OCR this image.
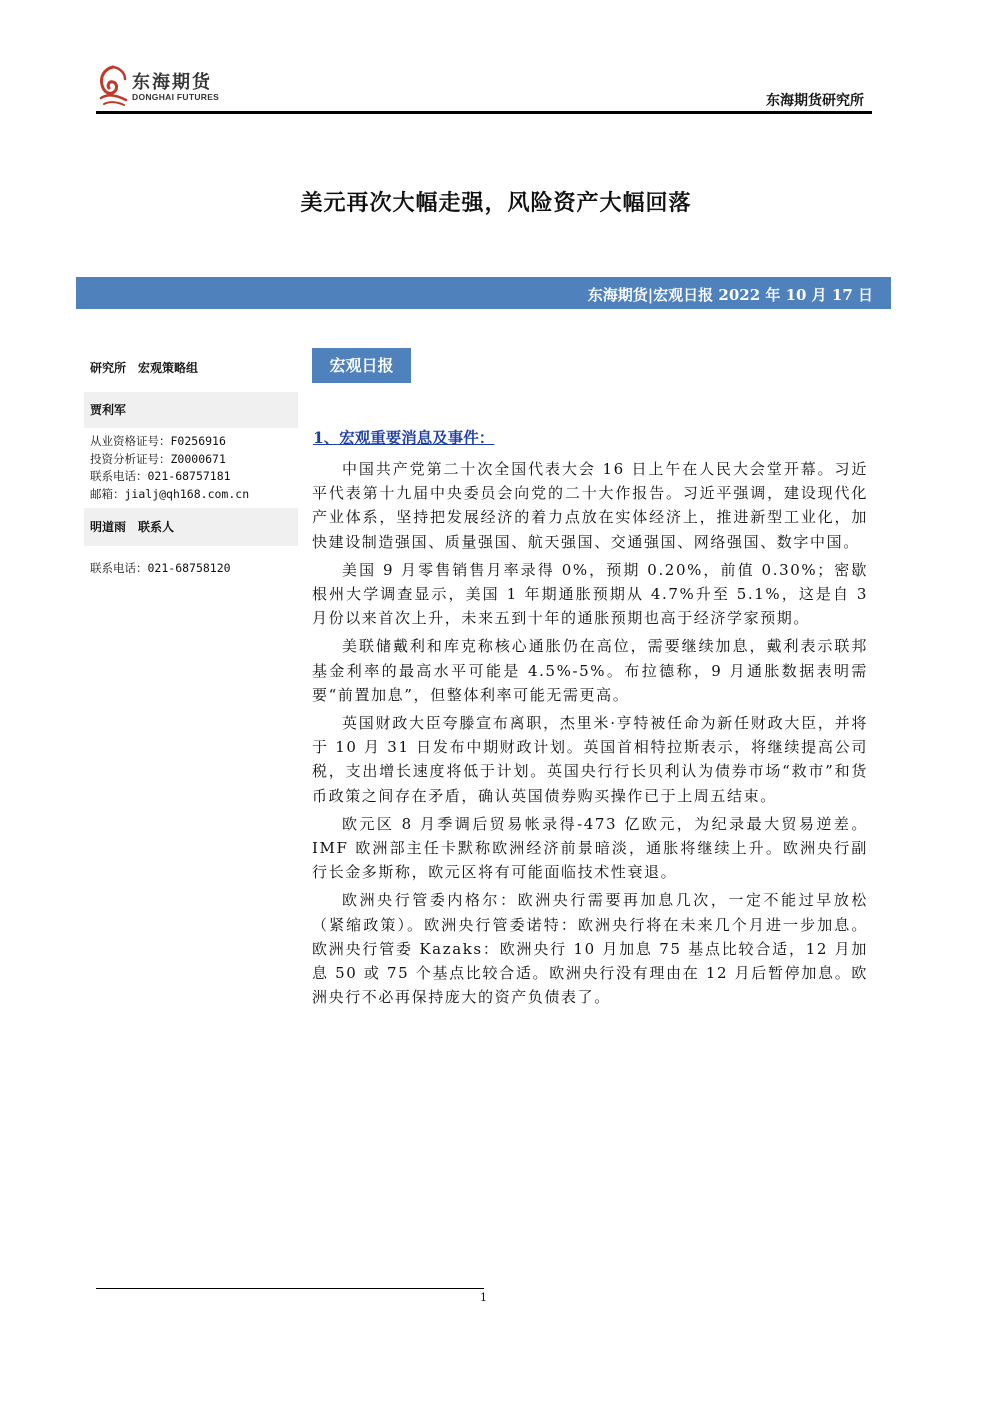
东海期货
DONGHAI FUTURES	东海期货研究所
美元再次大幅走强，风险资产大幅回落
东海期货|宏观日报 2022 年 10 月 17 日
研究所　宏观策略组
贾利军
从业资格证号：F0256916
投资分析证号：Z0000671
联系电话：021-68757181
邮箱：jialj@qh168.com.cn
明道雨　联系人
联系电话：021-68758120
宏观日报
1、宏观重要消息及事件：

中国共产党第二十次全国代表大会 16 日上午在人民大会堂开幕。习近平代表第十九届中央委员会向党的二十大作报告。习近平强调，建设现代化产业体系，坚持把发展经济的着力点放在实体经济上，推进新型工业化，加快建设制造强国、质量强国、航天强国、交通强国、网络强国、数字中国。

美国 9 月零售销售月率录得 0%，预期 0.20%，前值 0.30%；密歇根州大学调查显示，美国 1 年期通胀预期从 4.7%升至 5.1%，这是自 3 月份以来首次上升，未来五到十年的通胀预期也高于经济学家预期。

美联储戴利和库克称核心通胀仍在高位，需要继续加息，戴利表示联邦基金利率的最高水平可能是 4.5%-5%。布拉德称，9 月通胀数据表明需要“前置加息”，但整体利率可能无需更高。

英国财政大臣夸滕宣布离职，杰里米·亨特被任命为新任财政大臣，并将于 10 月 31 日发布中期财政计划。英国首相特拉斯表示，将继续提高公司税，支出增长速度将低于计划。英国央行行长贝利认为债券市场“救市”和货币政策之间存在矛盾，确认英国债券购买操作已于上周五结束。

欧元区 8 月季调后贸易帐录得-473 亿欧元，为纪录最大贸易逆差。IMF 欧洲部主任卡默称欧洲经济前景暗淡，通胀将继续上升。欧洲央行副行长金多斯称，欧元区将有可能面临技术性衰退。

欧洲央行管委内格尔：欧洲央行需要再加息几次，一定不能过早放松（紧缩政策）。欧洲央行管委诺特：欧洲央行将在未来几个月进一步加息。欧洲央行管委 Kazaks：欧洲央行 10 月加息 75 基点比较合适，12 月加息 50 或 75 个基点比较合适。欧洲央行没有理由在 12 月后暂停加息。欧洲央行不必再保持庞大的资产负债表了。

1
